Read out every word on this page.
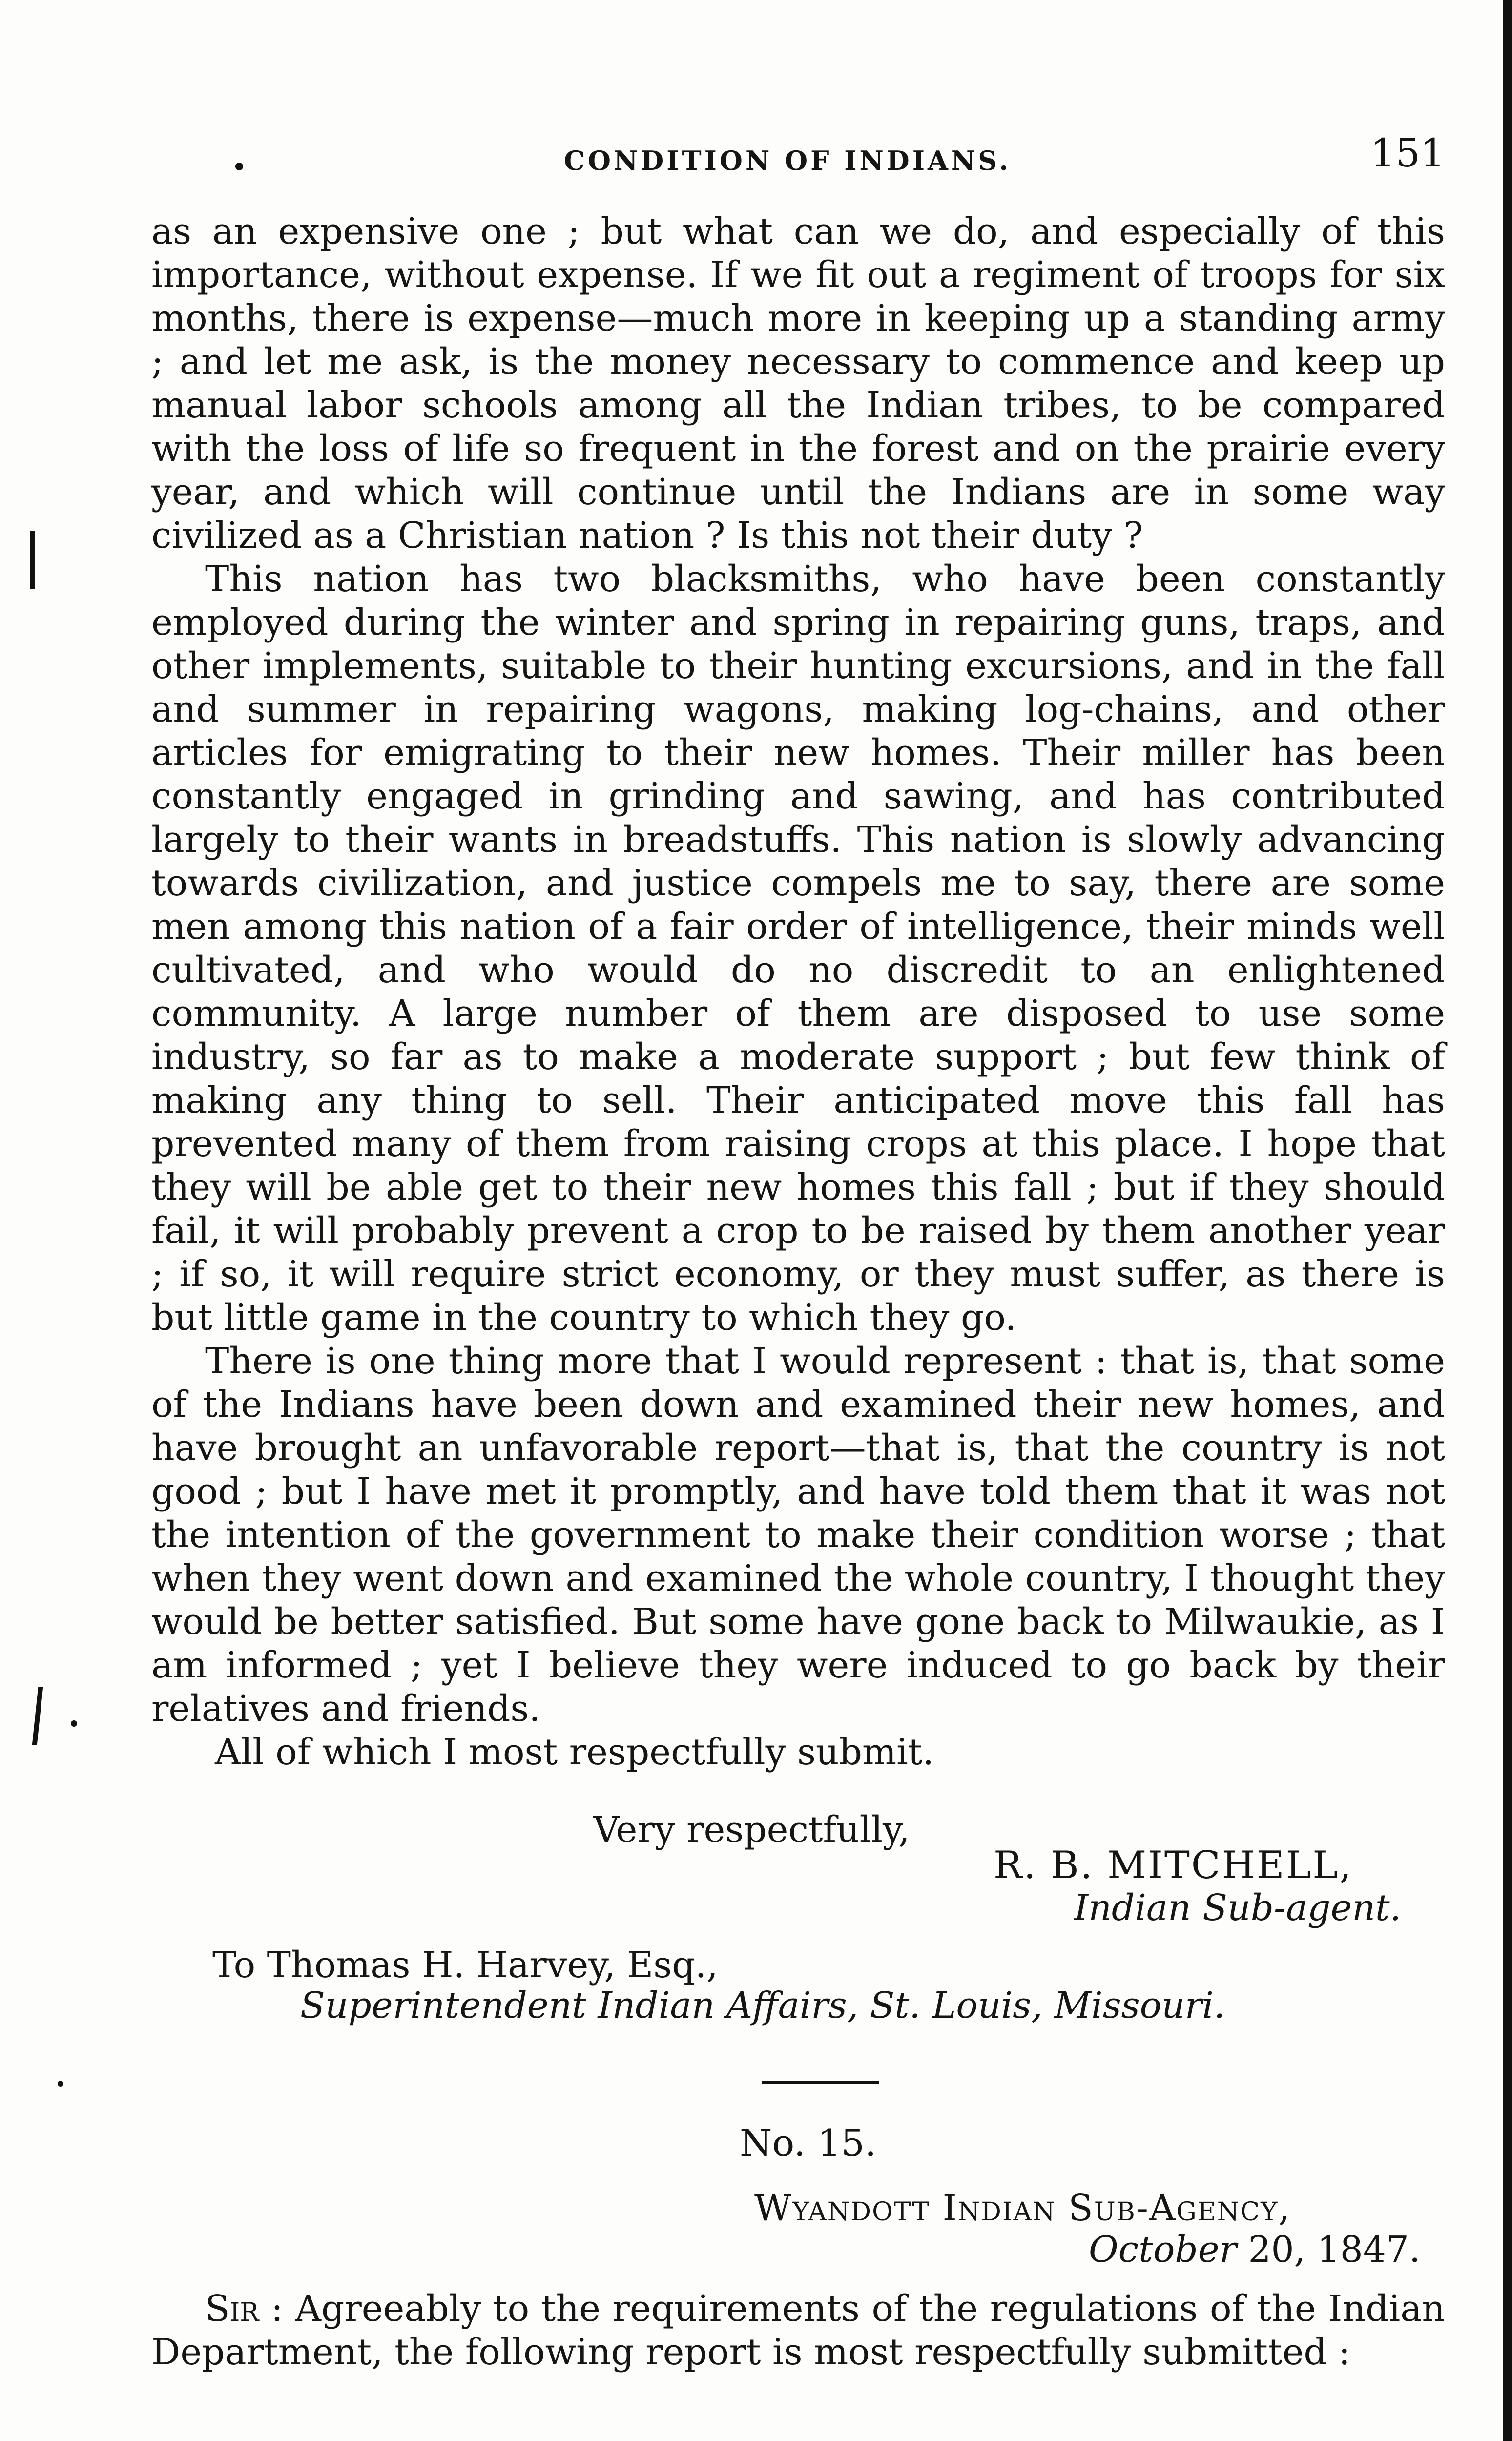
CONDITION OF INDIANS.	151

as an expensive one ; but what can we do, and especially of this importance, without expense. If we fit out a regiment of troops for six months, there is expense—much more in keeping up a standing army ; and let me ask, is the money necessary to commence and keep up manual labor schools among all the Indian tribes, to be compared with the loss of life so frequent in the forest and on the prairie every year, and which will continue until the Indians are in some way civilized as a Christian nation ? Is this not their duty ?

This nation has two blacksmiths, who have been constantly employed during the winter and spring in repairing guns, traps, and other implements, suitable to their hunting excursions, and in the fall and summer in repairing wagons, making log-chains, and other articles for emigrating to their new homes. Their miller has been constantly engaged in grinding and sawing, and has contributed largely to their wants in breadstuffs. This nation is slowly advancing towards civilization, and justice compels me to say, there are some men among this nation of a fair order of intelligence, their minds well cultivated, and who would do no discredit to an enlightened community. A large number of them are disposed to use some industry, so far as to make a moderate support ; but few think of making any thing to sell. Their anticipated move this fall has prevented many of them from raising crops at this place. I hope that they will be able get to their new homes this fall ; but if they should fail, it will probably prevent a crop to be raised by them another year ; if so, it will require strict economy, or they must suffer, as there is but little game in the country to which they go.

There is one thing more that I would represent : that is, that some of the Indians have been down and examined their new homes, and have brought an unfavorable report—that is, that the country is not good ; but I have met it promptly, and have told them that it was not the intention of the government to make their condition worse ; that when they went down and examined the whole country, I thought they would be better satisfied. But some have gone back to Milwaukie, as I am informed ; yet I believe they were induced to go back by their relatives and friends.

All of which I most respectfully submit.

Very respectfully,
R. B. MITCHELL,
Indian Sub-agent.
To Thomas H. Harvey, Esq.,
Superintendent Indian Affairs, St. Louis, Missouri.
No. 15.
Wyandott Indian Sub-Agency,
October 20, 1847.

Sir : Agreeably to the requirements of the regulations of the Indian Department, the following report is most respectfully submitted :
